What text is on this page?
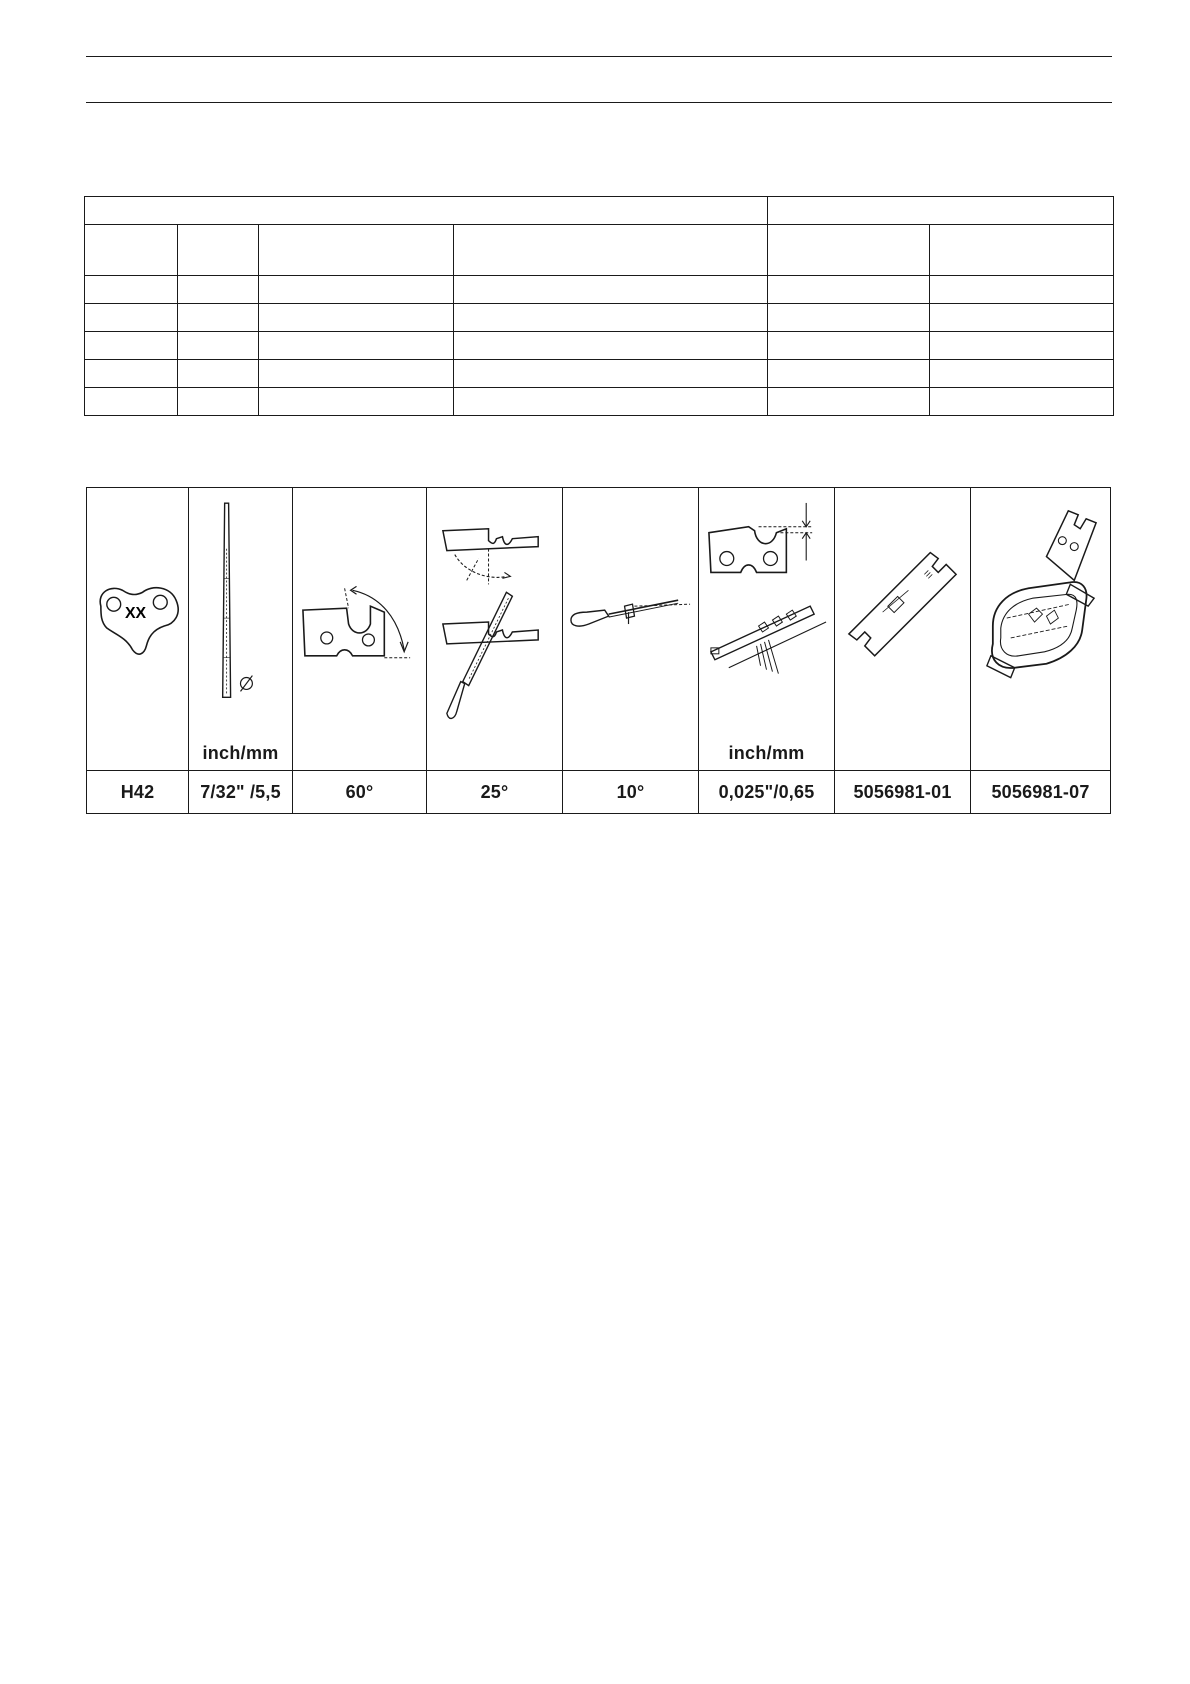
XX	inch/mm				inch/mm

H42	7/32" /5,5	60°	25°	10°	0,025"/0,65	5056981-01	5056981-07
